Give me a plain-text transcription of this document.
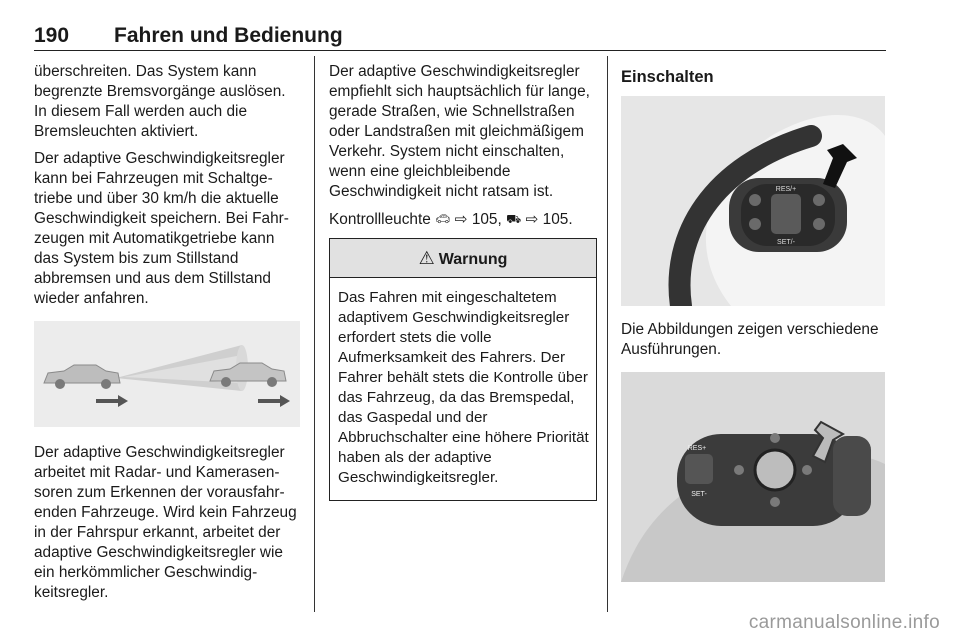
190 Fahren und Bedienung

überschreiten. Das System kann begrenzte Bremsvorgänge auslösen. In diesem Fall werden auch die Bremsleuchten aktiviert.

Der adaptive Geschwindigkeitsregler kann bei Fahrzeugen mit Schaltgetriebe und über 30 km/h die aktuelle Geschwindigkeit speichern. Bei Fahrzeugen mit Automatikgetriebe kann das System bis zum Stillstand abbremsen und aus dem Stillstand wieder anfahren.

Der adaptive Geschwindigkeitsregler arbeitet mit Radar- und Kamerasensoren zum Erkennen der vorausfahrenden Fahrzeuge. Wird kein Fahrzeug in der Fahrspur erkannt, arbeitet der adaptive Geschwindigkeitsregler wie ein herkömmlicher Geschwindigkeitsregler.

Der adaptive Geschwindigkeitsregler empfiehlt sich hauptsächlich für lange, gerade Straßen, wie Schnellstraßen oder Landstraßen mit gleichmäßigem Verkehr. System nicht einschalten, wenn eine gleichbleibende Geschwindigkeit nicht ratsam ist.

Kontrollleuchte 🚗︎ ⇨ 105, ⛟︎ ⇨ 105.

⚠ Warnung
Das Fahren mit eingeschaltetem adaptivem Geschwindigkeitsregler erfordert stets die volle Aufmerksamkeit des Fahrers. Der Fahrer behält stets die Kontrolle über das Fahrzeug, da das Bremspedal, das Gaspedal und der Abbruchschalter eine höhere Priorität haben als der adaptive Geschwindigkeitsregler.
Einschalten
RES/+
SET/-

Die Abbildungen zeigen verschiedene Ausführungen.

RES+
SET-
carmanualsonline.info
